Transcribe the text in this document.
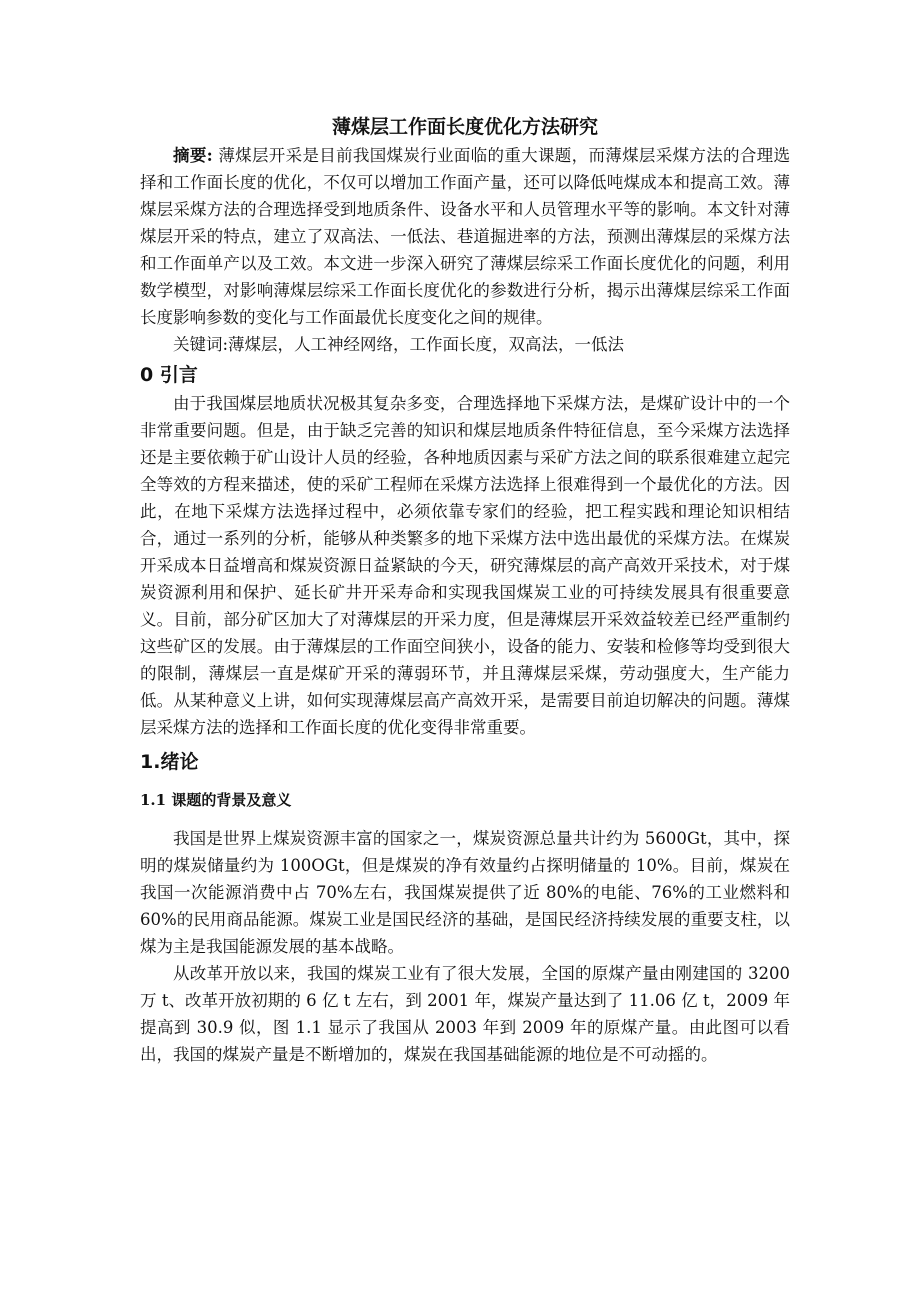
薄煤层工作面长度优化方法研究

摘要: 薄煤层开采是目前我国煤炭行业面临的重大课题，而薄煤层采煤方法的合理选择和工作面长度的优化，不仅可以增加工作面产量，还可以降低吨煤成本和提高工效。薄煤层采煤方法的合理选择受到地质条件、设备水平和人员管理水平等的影响。本文针对薄煤层开采的特点，建立了双高法、一低法、巷道掘进率的方法，预测出薄煤层的采煤方法和工作面单产以及工效。本文进一步深入研究了薄煤层综采工作面长度优化的问题，利用数学模型，对影响薄煤层综采工作面长度优化的参数进行分析，揭示出薄煤层综采工作面长度影响参数的变化与工作面最优长度变化之间的规律。

关键词:薄煤层，人工神经网络，工作面长度，双高法，一低法

0 引言

由于我国煤层地质状况极其复杂多变，合理选择地下采煤方法，是煤矿设计中的一个非常重要问题。但是，由于缺乏完善的知识和煤层地质条件特征信息，至今采煤方法选择还是主要依赖于矿山设计人员的经验，各种地质因素与采矿方法之间的联系很难建立起完全等效的方程来描述，使的采矿工程师在采煤方法选择上很难得到一个最优化的方法。因此，在地下采煤方法选择过程中，必须依靠专家们的经验，把工程实践和理论知识相结合，通过一系列的分析，能够从种类繁多的地下采煤方法中选出最优的采煤方法。在煤炭开采成本日益增高和煤炭资源日益紧缺的今天，研究薄煤层的高产高效开采技术，对于煤炭资源利用和保护、延长矿井开采寿命和实现我国煤炭工业的可持续发展具有很重要意义。目前，部分矿区加大了对薄煤层的开采力度，但是薄煤层开采效益较差已经严重制约这些矿区的发展。由于薄煤层的工作面空间狭小，设备的能力、安装和检修等均受到很大的限制，薄煤层一直是煤矿开采的薄弱环节，并且薄煤层采煤，劳动强度大，生产能力低。从某种意义上讲，如何实现薄煤层高产高效开采，是需要目前迫切解决的问题。薄煤层采煤方法的选择和工作面长度的优化变得非常重要。

1.绪论
1.1 课题的背景及意义

我国是世界上煤炭资源丰富的国家之一，煤炭资源总量共计约为 5600Gt，其中，探明的煤炭储量约为 100OGt，但是煤炭的净有效量约占探明储量的 10%。目前，煤炭在我国一次能源消费中占 70%左右，我国煤炭提供了近 80%的电能、76%的工业燃料和 60%的民用商品能源。煤炭工业是国民经济的基础，是国民经济持续发展的重要支柱，以煤为主是我国能源发展的基本战略。

从改革开放以来，我国的煤炭工业有了很大发展，全国的原煤产量由刚建国的 3200 万 t、改革开放初期的 6 亿 t 左右，到 2001 年，煤炭产量达到了 11.06 亿 t，2009 年提高到 30.9 似，图 1.1 显示了我国从 2003 年到 2009 年的原煤产量。由此图可以看出，我国的煤炭产量是不断增加的，煤炭在我国基础能源的地位是不可动摇的。
